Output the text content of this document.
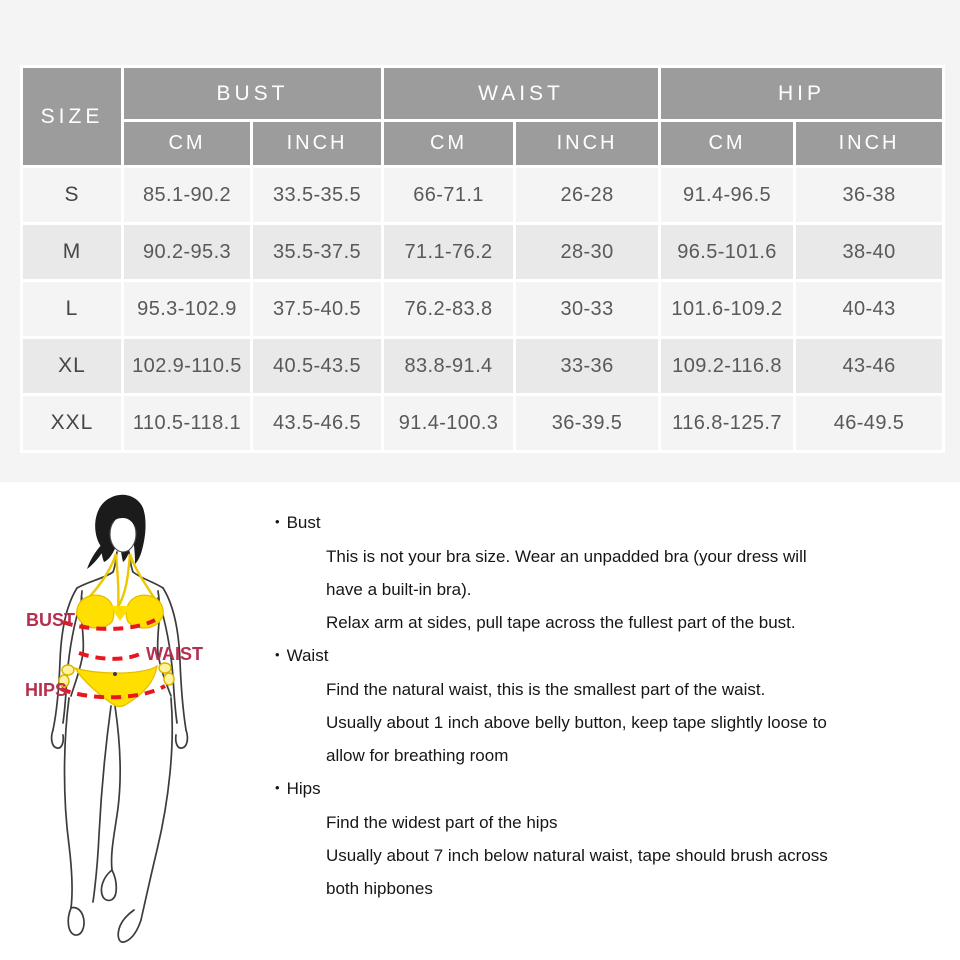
SIZE	BUST		WAIST		HIP	
	CM	INCH	CM	INCH	CM	INCH
S	85.1-90.2	33.5-35.5	66-71.1	26-28	91.4-96.5	36-38
M	90.2-95.3	35.5-37.5	71.1-76.2	28-30	96.5-101.6	38-40
L	95.3-102.9	37.5-40.5	76.2-83.8	30-33	101.6-109.2	40-43
XL	102.9-110.5	40.5-43.5	83.8-91.4	33-36	109.2-116.8	43-46
XXL	110.5-118.1	43.5-46.5	91.4-100.3	36-39.5	116.8-125.7	46-49.5
BUST
WAIST
HIPS
• Bust
This is not your bra size. Wear an unpadded bra (your dress will
have a built-in bra).
Relax arm at sides, pull tape across the fullest part of the bust.
• Waist
Find the natural waist, this is the smallest part of the waist.
Usually about 1 inch above belly button, keep tape slightly loose to
allow for breathing room
• Hips
Find the widest part of the hips
Usually about 7 inch below natural waist, tape should brush across
both hipbones
